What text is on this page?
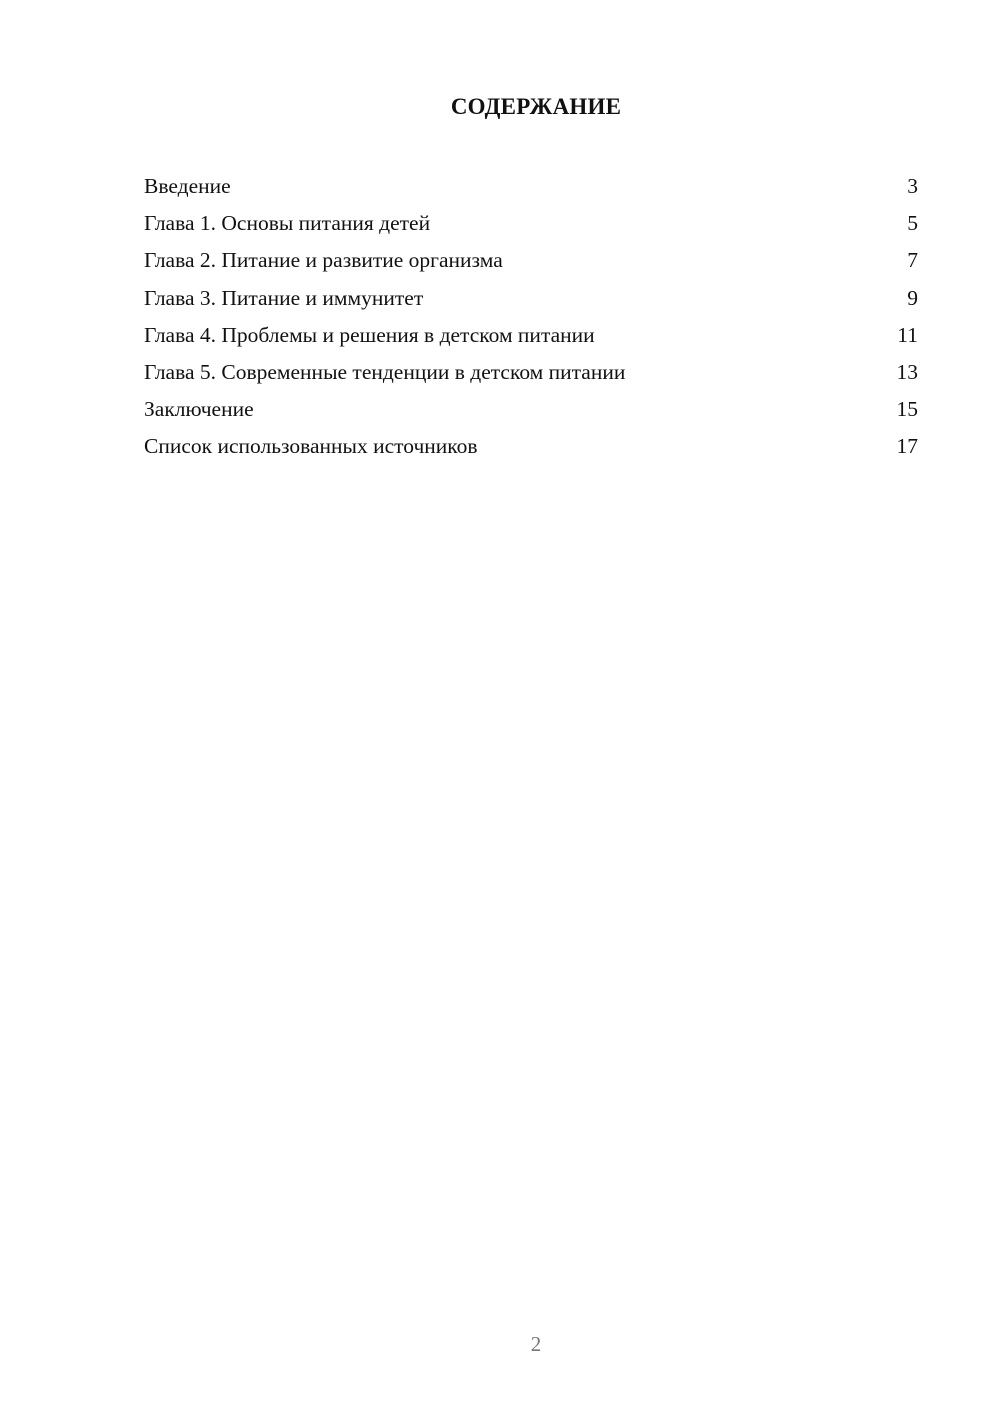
СОДЕРЖАНИЕ
Введение	3
Глава 1. Основы питания детей	5
Глава 2. Питание и развитие организма	7
Глава 3. Питание и иммунитет	9
Глава 4. Проблемы и решения в детском питании	11
Глава 5. Современные тенденции в детском питании	13
Заключение	15
Список использованных источников	17
2
